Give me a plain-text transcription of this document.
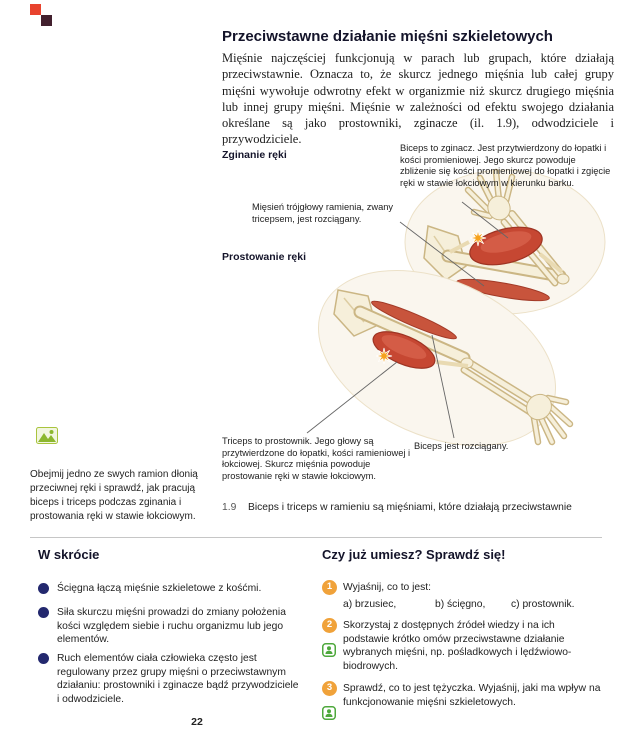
Przeciwstawne działanie mięśni szkieletowych

Mięśnie najczęściej funkcjonują w parach lub grupach, które działają przeciwstawnie. Oznacza to, że skurcz jednego mięśnia lub całej grupy mięśni wywołuje odwrotny efekt w organizmie niż skurcz drugiego mięśnia lub innej grupy mięśni. Mięśnie w zależności od efektu swojego działania określane są jako prostowniki, zginacze (il. 1.9), odwodziciele i przywodziciele.

Zginanie ręki
Biceps to zginacz. Jest przytwierdzony do łopatki i kości promieniowej. Jego skurcz powoduje zbliżenie się kości promieniowej do łopatki i zgięcie ręki w stawie łokciowym w kierunku barku.
Mięsień trójgłowy ramienia, zwany tricepsem, jest rozciągany.
Prostowanie ręki
Triceps to prostownik. Jego głowy są przytwierdzone do łopatki, kości ramieniowej i łokciowej. Skurcz mięśnia powoduje prostowanie ręki w stawie łokciowym.
Biceps jest rozciągany.
1.9	Biceps i triceps w ramieniu są mięśniami, które działają przeciwstawnie
Obejmij jedno ze swych ramion dłonią przeciwnej ręki i sprawdź, jak pracują biceps i triceps podczas zginania i prostowania ręki w stawie łokciowym.
W skrócie
Ścięgna łączą mięśnie szkieletowe z kośćmi.
Siła skurczu mięśni prowadzi do zmiany położenia kości względem siebie i ruchu organizmu lub jego elementów.
Ruch elementów ciała człowieka często jest regulowany przez grupy mięśni o przeciwstawnym działaniu: prostowniki i zginacze bądź przywodziciele i odwodziciele.
Czy już umiesz? Sprawdź się!
1	Wyjaśnij, co to jest:
a) brzusiec,	b) ścięgno,	c) prostownik.
2	Skorzystaj z dostępnych źródeł wiedzy i na ich podstawie krótko omów przeciwstawne działanie wybranych mięśni, np. pośladkowych i lędźwiowo-biodrowych.
3	Sprawdź, co to jest tężyczka. Wyjaśnij, jaki ma wpływ na funkcjonowanie mięśni szkieletowych.
22
